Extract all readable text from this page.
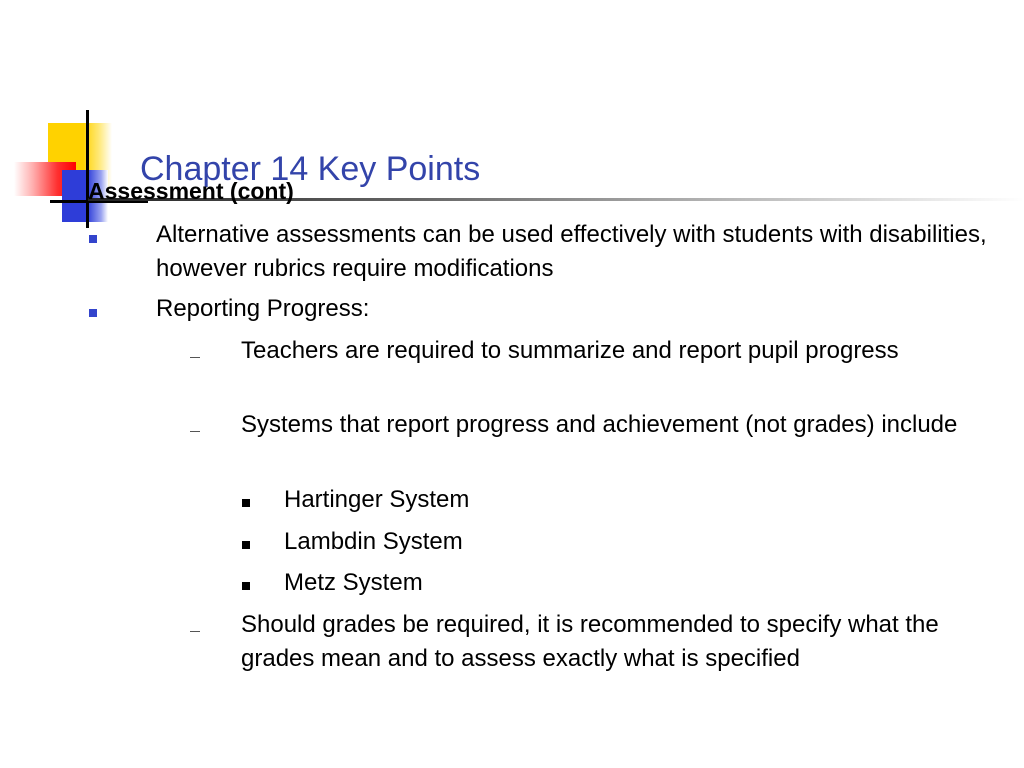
Chapter 14 Key Points
Assessment (cont)
Alternative assessments can be used effectively with students with disabilities, however rubrics require modifications
Reporting Progress:
Teachers are required to summarize and report pupil progress
Systems that report progress and achievement (not grades) include
Hartinger System
Lambdin System
Metz System
Should grades be required, it is recommended to specify what the grades mean and to assess exactly what is specified
